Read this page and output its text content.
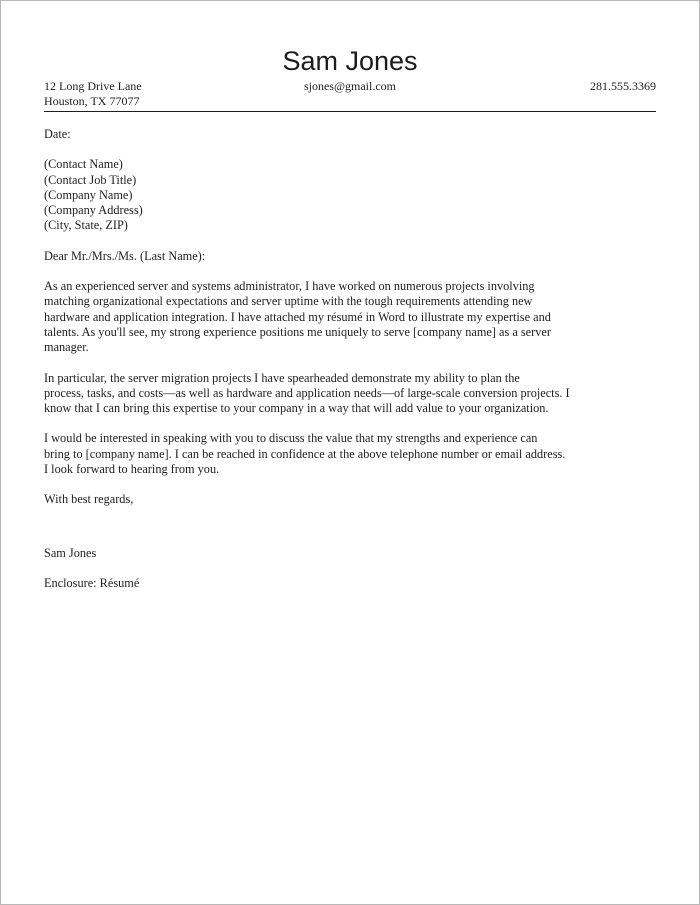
Sam Jones
12 Long Drive Lane
Houston, TX 77077
sjones@gmail.com	281.555.3369

Date:

(Contact Name)
(Contact Job Title)
(Company Name)
(Company Address)
(City, State, ZIP)

Dear Mr./Mrs./Ms. (Last Name):

As an experienced server and systems administrator, I have worked on numerous projects involving
matching organizational expectations and server uptime with the tough requirements attending new
hardware and application integration. I have attached my résumé in Word to illustrate my expertise and
talents. As you'll see, my strong experience positions me uniquely to serve [company name] as a server
manager.
In particular, the server migration projects I have spearheaded demonstrate my ability to plan the
process, tasks, and costs—as well as hardware and application needs—of large-scale conversion projects. I
know that I can bring this expertise to your company in a way that will add value to your organization.
I would be interested in speaking with you to discuss the value that my strengths and experience can
bring to [company name]. I can be reached in confidence at the above telephone number or email address.
I look forward to hearing from you.

With best regards,

Sam Jones

Enclosure: Résumé
